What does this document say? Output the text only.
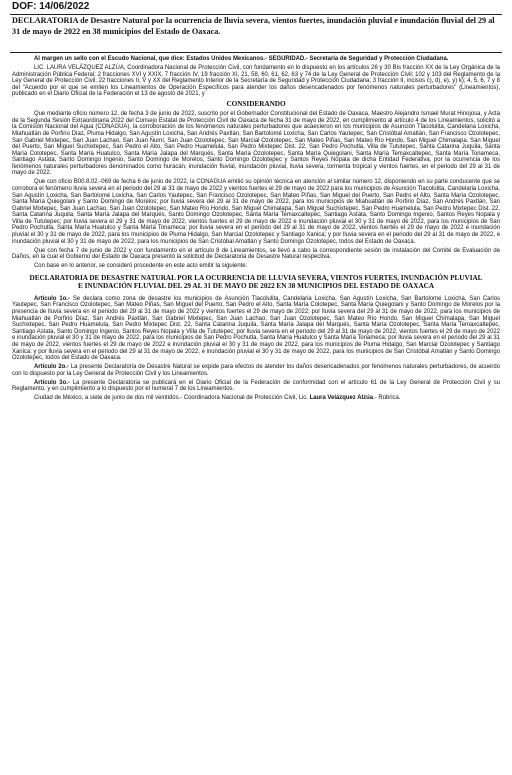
DOF: 14/06/2022

DECLARATORIA de Desastre Natural por la ocurrencia de lluvia severa, vientos fuertes, inundación pluvial e inundación fluvial del 29 al 31 de mayo de 2022 en 38 municipios del Estado de Oaxaca.

Al margen un sello con el Escudo Nacional, que dice: Estados Unidos Mexicanos.- SEGURIDAD.- Secretaría de Seguridad y Protección Ciudadana.

LIC. LAURA VELÁZQUEZ ALZÚA, Coordinadora Nacional de Protección Civil, con fundamento en lo dispuesto en los artículos 26 y 30 Bis fracción XX de la Ley Orgánica de la Administración Pública Federal; 2 fracciones XVI y XXIX, 7 fracción IV, 19 fracción XI, 21, 58, 60, 61, 62, 63 y 74 de la Ley General de Protección Civil; 102 y 103 del Reglamento de la Ley General de Protección Civil; 22 fracciones II, V y XX del Reglamento Interior de la Secretaría de Seguridad y Protección Ciudadana; 3 fracción II, incisos c), d), e), y) k); 4, 5, 6, 7 y 8 del "Acuerdo por el que se emiten los Lineamientos de Operación Específicos para atender los daños desencadenados por fenómenos naturales perturbadores" (Lineamientos), publicado en el Diario Oficial de la Federación el 13 de agosto de 2021, y

CONSIDERANDO

Que mediante oficio número 12, de fecha 3 de junio de 2022, suscrito por el Gobernador Constitucional del Estado de Oaxaca, Maestro Alejandro Ismael Murat Hinojosa, y Acta de la Segunda Sesión Extraordinaria 2022 del Consejo Estatal de Protección Civil de Oaxaca de fecha 31 de mayo de 2022, en cumplimiento al artículo 4 de los Lineamientos, solicitó a la Comisión Nacional del Agua (CONAGUA), la corroboración de los fenómenos naturales perturbadores que acaecieron en los municipios de Asunción Tlacolulita, Candelaria Loxicha, Miahuatlán de Porfirio Díaz, Pluma Hidalgo, San Agustín Loxicha, San Andrés Paxtlán, San Bartolomé Loxicha, San Carlos Yautepec, San Cristóbal Amatlán, San Francisco Ozolotepec, San Gabriel Mixtepec, San Juan Lachao, San Juan Ñumí, San Juan Ozolotepec, San Marcial Ozolotepec, San Mateo Piñas, San Mateo Río Hondo, San Miguel Chimalapa, San Miguel del Puerto, San Miguel Suchixtepec, San Pedro el Alto, San Pedro Huamelula, San Pedro Mixtepec Dist. 22, San Pedro Pochutla, Villa de Tututepec, Santa Catarina Juquila, Santa María Colotepec, Santa María Huatulco, Santa María Jalapa del Marqués, Santa María Ozolotepec, Santa María Quiegolani, Santa María Temaxcaltepec, Santa María Tonameca, Santiago Astata, Santo Domingo Ingenio, Santo Domingo de Morelos, Santo Domingo Ozolotepec y Santos Reyes Nopala de dicha Entidad Federativa, por la ocurrencia de los fenómenos naturales perturbadores denominados como huracán, inundación fluvial, inundación pluvial, lluvia severa, tormenta tropical y vientos fuertes, en el periodo del 29 al 31 de mayo de 2022.

Que con oficio B00.8.02.-069 de fecha 6 de junio de 2022, la CONAGUA emitió su opinión técnica en atención al similar número 12, disponiendo en su parte conducente que se corrobora el fenómeno lluvia severa en el periodo del 29 al 31 de mayo de 2022 y vientos fuertes el 29 de mayo de 2022 para los municipios de Asunción Tlacolulita, Candelaria Loxicha, San Agustín Loxicha, San Bartolomé Loxicha, San Carlos Yautepec, San Francisco Ozolotepec, San Mateo Piñas, San Miguel del Puerto, San Pedro el Alto, Santa María Ozolotepec, Santa María Quiegolani y Santo Domingo de Morelos; por lluvia severa del 29 al 31 de mayo de 2022, para los municipios de Miahuatlán de Porfirio Díaz, San Andrés Paxtlán, San Gabriel Mixtepec, San Juan Lachao, San Juan Ozolotepec, San Mateo Río Hondo, San Miguel Chimalapa, San Miguel Suchixtepec, San Pedro Huamelula, San Pedro Mixtepec Dist. 22, Santa Catarina Juquila, Santa María Jalapa del Marqués, Santo Domingo Ozolotepec, Santa María Temaxcaltepec, Santiago Astata, Santo Domingo Ingenio, Santos Reyes Nopala y Villa de Tututepec; por lluvia severa el 29 y 31 de mayo de 2022, vientos fuertes el 29 de mayo de 2022 e inundación pluvial el 30 y 31 de mayo de 2022, para los municipios de San Pedro Pochutla, Santa María Huatulco y Santa María Tonameca; por lluvia severa en el periodo del 29 al 31 de mayo de 2022, vientos fuertes el 29 de mayo de 2022 e inundación pluvial el 30 y 31 de mayo de 2022, para los municipios de Pluma Hidalgo, San Marcial Ozolotepec y Santiago Xanica; y por lluvia severa en el periodo del 29 al 31 de mayo de 2022, e inundación pluvial el 30 y 31 de mayo de 2022, para los municipios de San Cristóbal Amatlán y Santo Domingo Ozolotepec, todos del Estado de Oaxaca.

Que con fecha 7 de junio de 2022 y con fundamento en el artículo 8 de Lineamientos, se llevó a cabo la correspondiente sesión de instalación del Comité de Evaluación de Daños, en la cual el Gobierno del Estado de Oaxaca presentó la solicitud de Declaratoria de Desastre Natural respectiva.

Con base en lo anterior, se consideró procedente en este acto emitir la siguiente:

DECLARATORIA DE DESASTRE NATURAL POR LA OCURRENCIA DE LLUVIA SEVERA, VIENTOS FUERTES, INUNDACIÓN PLUVIAL E INUNDACIÓN FLUVIAL DEL 29 AL 31 DE MAYO DE 2022 EN 38 MUNICIPIOS DEL ESTADO DE OAXACA

Artículo 1o.- Se declara como zona de desastre los municipios de Asunción Tlacolulita, Candelaria Loxicha, San Agustín Loxicha, San Bartolomé Loxicha, San Carlos Yautepec, San Francisco Ozolotepec, San Mateo Piñas, San Miguel del Puerto, San Pedro el Alto, Santa María Colotepec, Santa María Quiegolani y Santo Domingo de Morelos por la presencia de lluvia severa en el periodo del 29 al 31 de mayo de 2022 y vientos fuertes el 29 de mayo de 2022; por lluvia severa del 29 al 31 de mayo de 2022, para los municipios de Miahuatlán de Porfirio Díaz, San Andrés Paxtlán, San Gabriel Mixtepec, San Juan Lachao, San Juan Ozolotepec, San Mateo Río Hondo, San Miguel Chimalapa, San Miguel Suchixtepec, San Pedro Huamelula, San Pedro Mixtepec Dist. 22, Santa Catarina Juquila, Santa María Jalapa del Marqués, Santa María Ozolotepec, Santa María Temaxcaltepec, Santiago Astata, Santo Domingo Ingenio, Santos Reyes Nopala y Villa de Tututepec; por lluvia severa en el periodo del 29 al 31 de mayo de 2022, vientos fuertes el 29 de mayo de 2022 e inundación pluvial el 30 y 31 de mayo de 2022, para los municipios de San Pedro Pochutla, Santa María Huatulco y Santa María Tonameca; por lluvia severa en el periodo del 29 al 31 de mayo de 2022, vientos fuertes el 29 de mayo de 2022 e inundación pluvial el 30 y 31 de mayo de 2022, para los municipios de Pluma Hidalgo, San Marcial Ozolotepec y Santiago Xanica; y por lluvia severa en el periodo del 29 al 31 de mayo de 2022, e inundación pluvial el 30 y 31 de mayo de 2022, para los municipios de San Cristóbal Amatlán y Santo Domingo Ozolotepec, todos del Estado de Oaxaca.

Artículo 2o.- La presente Declaratoria de Desastre Natural se expide para efectos de atender los daños desencadenados por fenómenos naturales perturbadores, de acuerdo con lo dispuesto por la Ley General de Protección Civil y los Lineamientos.

Artículo 3o.- La presente Declaratoria se publicará en el Diario Oficial de la Federación de conformidad con el artículo 61 de la Ley General de Protección Civil y su Reglamento, y en cumplimiento a lo dispuesto por el numeral 7 de los Lineamientos.

Ciudad de México, a siete de junio de dos mil veintidós.- Coordinadora Nacional de Protección Civil, Lic. Laura Velázquez Alzúa.- Rúbrica.
